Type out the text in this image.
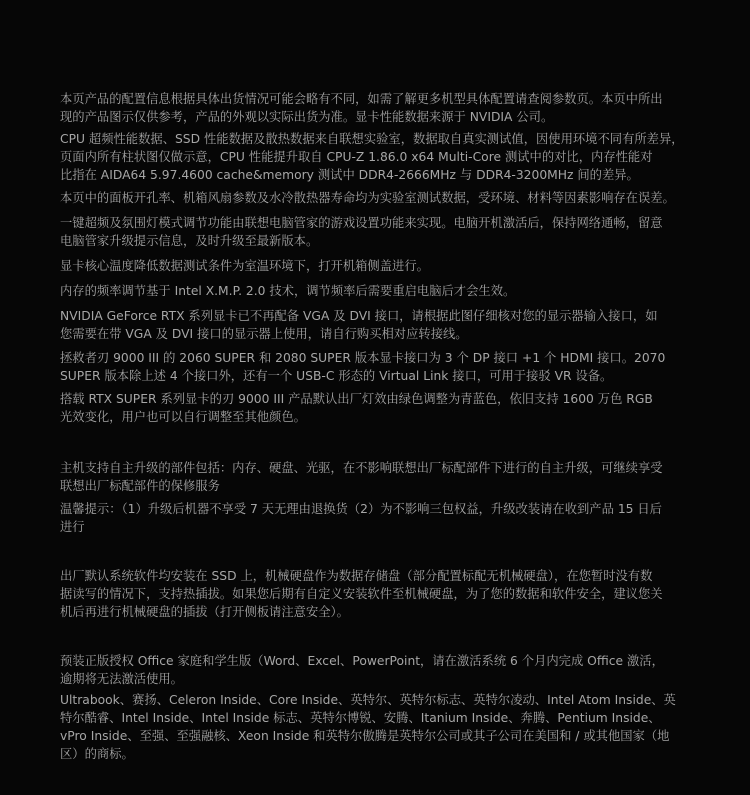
本页产品的配置信息根据具体出货情况可能会略有不同，如需了解更多机型具体配置请查阅参数页。本页中所出
现的产品图示仅供参考，产品的外观以实际出货为准。显卡性能数据来源于 NVIDIA 公司。

CPU 超频性能数据、SSD 性能数据及散热数据来自联想实验室，数据取自真实测试值，因使用环境不同有所差异，
页面内所有柱状图仅做示意，CPU 性能提升取自 CPU-Z 1.86.0 x64 Multi-Core 测试中的对比，内存性能对
比指在 AIDA64 5.97.4600 cache&memory 测试中 DDR4-2666MHz 与 DDR4-3200MHz 间的差异。

本页中的面板开孔率、机箱风扇参数及水冷散热器寿命均为实验室测试数据，受环境、材料等因素影响存在误差。

一键超频及氛围灯模式调节功能由联想电脑管家的游戏设置功能来实现。电脑开机激活后，保持网络通畅，留意
电脑管家升级提示信息，及时升级至最新版本。

显卡核心温度降低数据测试条件为室温环境下，打开机箱侧盖进行。

内存的频率调节基于 Intel X.M.P. 2.0 技术，调节频率后需要重启电脑后才会生效。

NVIDIA GeForce RTX 系列显卡已不再配备 VGA 及 DVI 接口，请根据此图仔细核对您的显示器输入接口，如
您需要在带 VGA 及 DVI 接口的显示器上使用，请自行购买相对应转接线。

拯救者刃 9000 III 的 2060 SUPER 和 2080 SUPER 版本显卡接口为 3 个 DP 接口 +1 个 HDMI 接口。2070
SUPER 版本除上述 4 个接口外，还有一个 USB-C 形态的 Virtual Link 接口，可用于接驳 VR 设备。

搭载 RTX SUPER 系列显卡的刃 9000 III 产品默认出厂灯效由绿色调整为青蓝色，依旧支持 1600 万色 RGB
光效变化，用户也可以自行调整至其他颜色。

主机支持自主升级的部件包括：内存、硬盘、光驱，在不影响联想出厂标配部件下进行的自主升级，可继续享受
联想出厂标配部件的保修服务

温馨提示：（1）升级后机器不享受 7 天无理由退换货（2）为不影响三包权益，升级改装请在收到产品 15 日后
进行

出厂默认系统软件均安装在 SSD 上，机械硬盘作为数据存储盘（部分配置标配无机械硬盘），在您暂时没有数
据读写的情况下，支持热插拔。如果您后期有自定义安装软件至机械硬盘，为了您的数据和软件安全，建议您关
机后再进行机械硬盘的插拔（打开侧板请注意安全）。

预装正版授权 Office 家庭和学生版（Word、Excel、PowerPoint，请在激活系统 6 个月内完成 Office 激活，
逾期将无法激活使用。

Ultrabook、赛扬、Celeron Inside、Core Inside、英特尔、英特尔标志、英特尔凌动、Intel Atom Inside、英
特尔酷睿、Intel Inside、Intel Inside 标志、英特尔博锐、安腾、Itanium Inside、奔腾、Pentium Inside、
vPro Inside、至强、至强融核、Xeon Inside 和英特尔傲腾是英特尔公司或其子公司在美国和 / 或其他国家（地
区）的商标。
